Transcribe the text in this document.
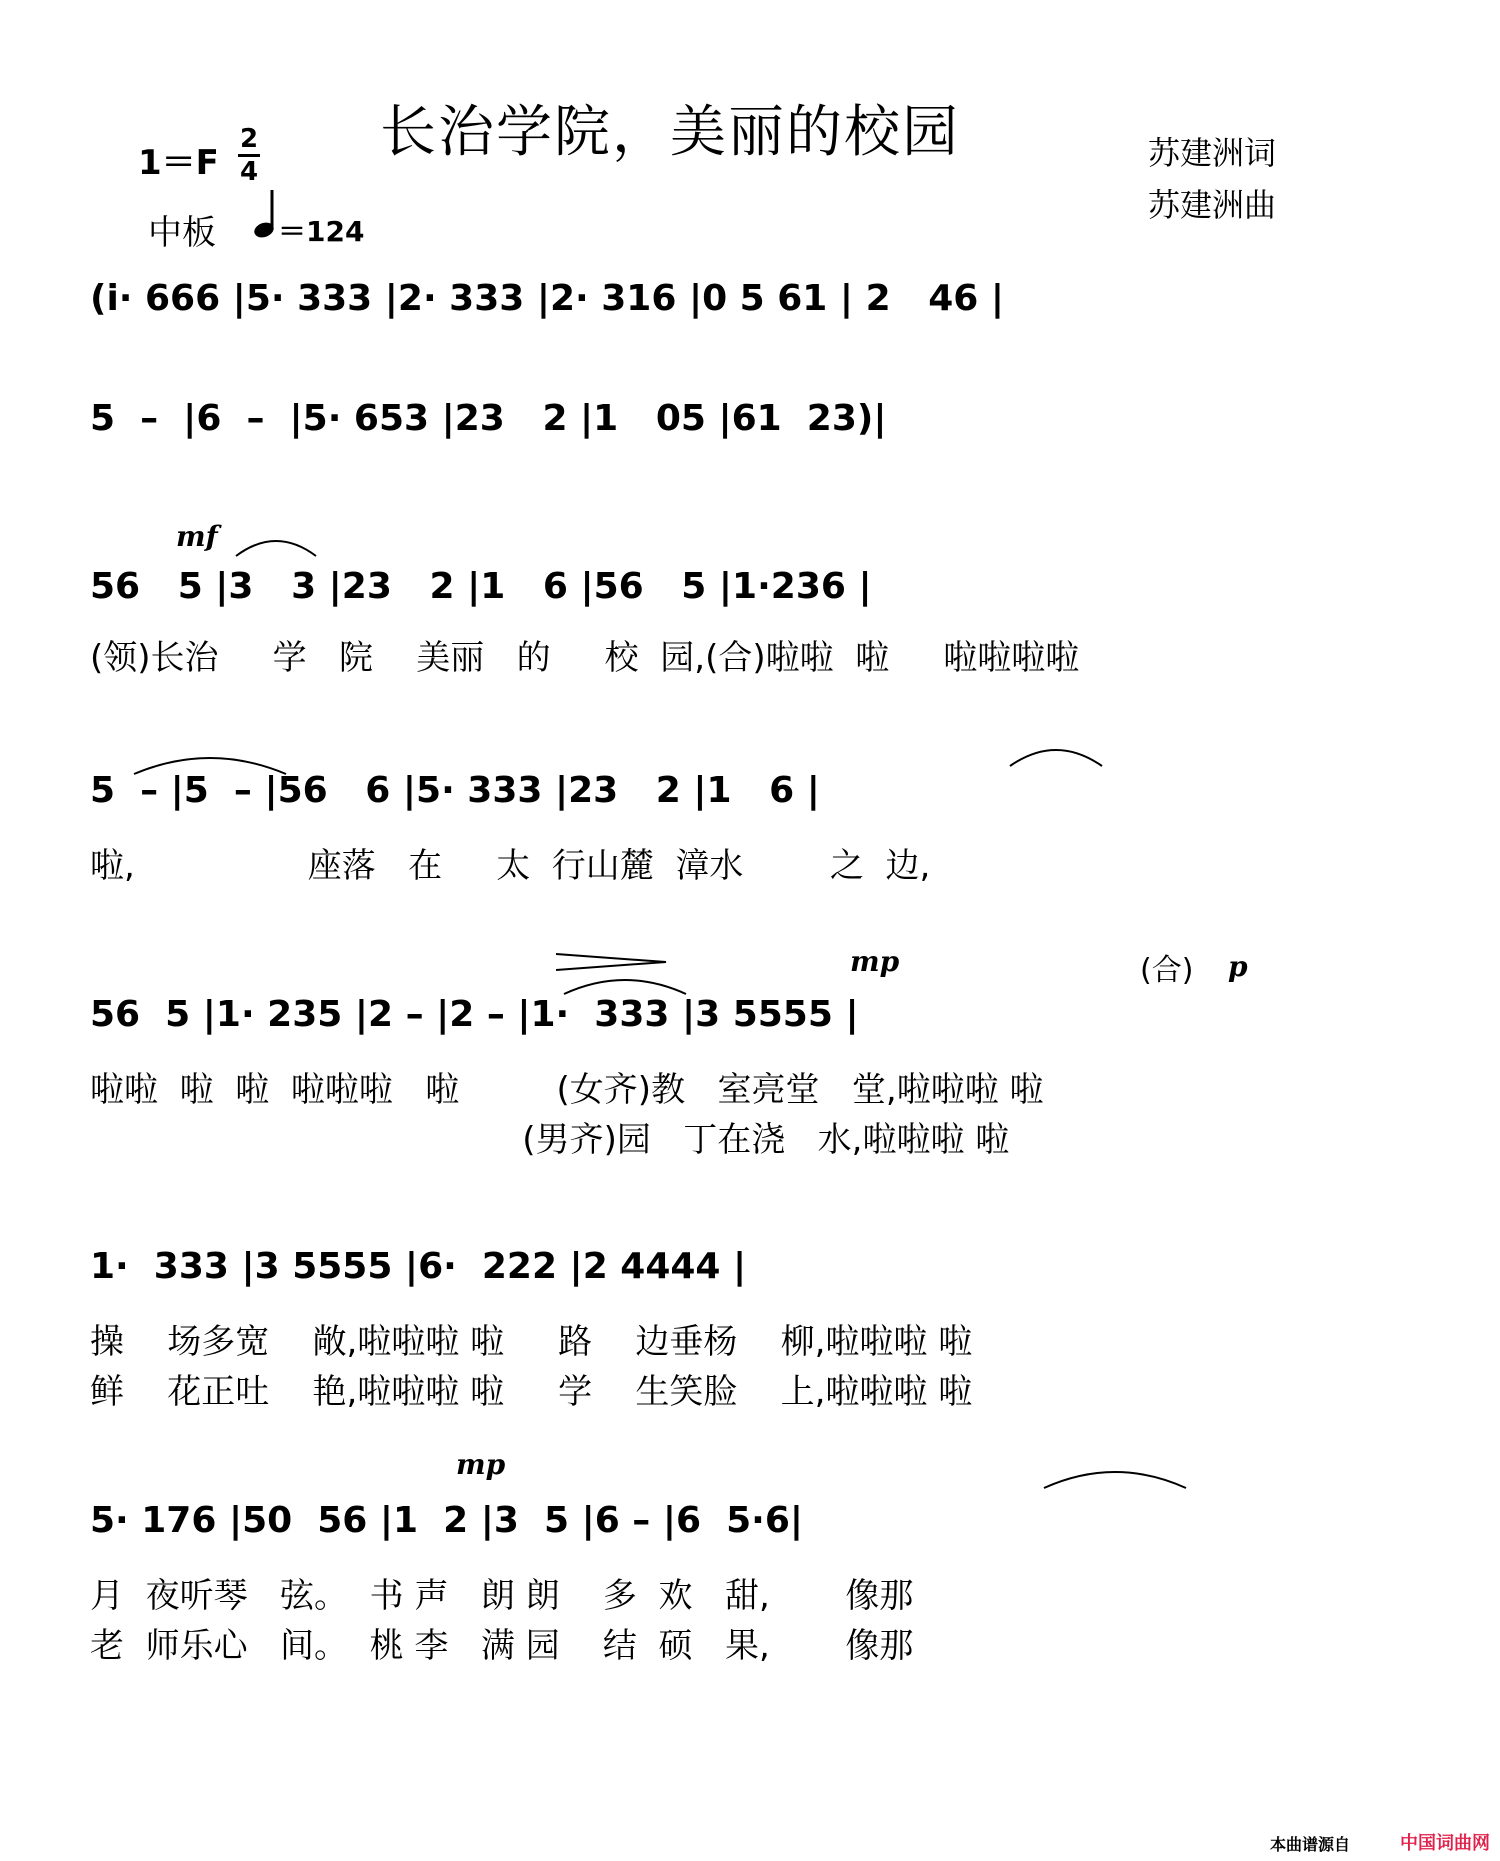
长治学院，美丽的校园	苏建洲词
苏建洲曲
1＝F
2
4
中板 ＝124
mf
mp	(合) p
mp
(i· 666 |5· 333 |2· 333 |2· 316 |0 5 61 | 2   46 |
5  –  |6  –  |5· 653 |23   2 |1   05 |61  23)|
56   5 |3   3 |23   2 |1   6 |56   5 |1·236 |
(领)长治     学   院    美丽   的     校  园,(合)啦啦  啦     啦啦啦啦
5  – |5  – |56   6 |5· 333 |23   2 |1   6 |
啦,                座落   在     太  行山麓  漳水        之  边,
56  5 |1· 235 |2 – |2 – |1·  333 |3 5555 |
啦啦  啦  啦  啦啦啦   啦         (女齐)教   室亮堂   堂,啦啦啦 啦
(男齐)园   丁在浇   水,啦啦啦 啦
1·  333 |3 5555 |6·  222 |2 4444 |
操    场多宽    敞,啦啦啦 啦     路    边垂杨    柳,啦啦啦 啦
鲜    花正吐    艳,啦啦啦 啦     学    生笑脸    上,啦啦啦 啦
5· 176 |50  56 |1  2 |3  5 |6 – |6  5·6|
月  夜听琴   弦。  书 声   朗 朗    多  欢   甜,       像那
老  师乐心   间。  桃 李   满 园    结  硕   果,       像那
本曲谱源自	中国词曲网
